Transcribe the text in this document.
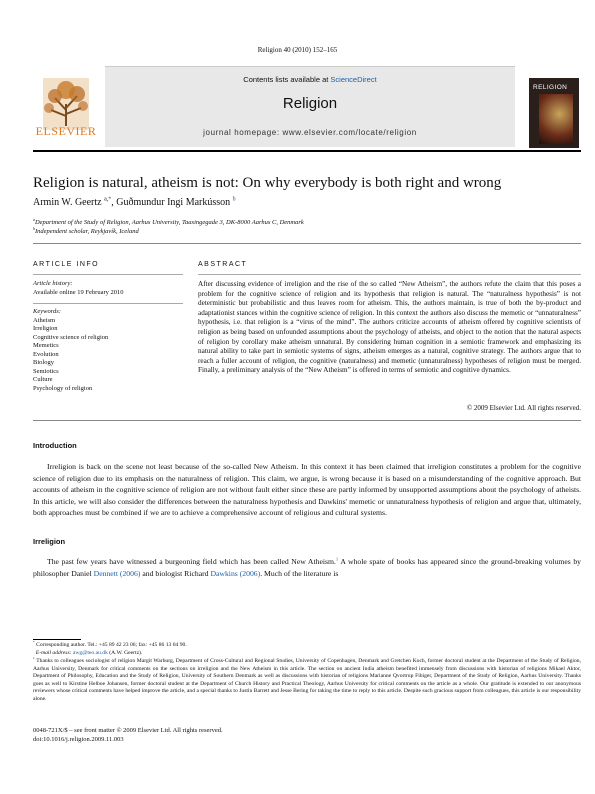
Religion 40 (2010) 152–165
ELSEVIER
Contents lists available at ScienceDirect
Religion
journal homepage: www.elsevier.com/locate/religion
RELIGION
Religion is natural, atheism is not: On why everybody is both right and wrong
Armin W. Geertz $^{a,*}$, Guðmundur Ingi Markússon $^b$
$^a$Department of the Study of Religion, Aarhus University, Taasingegade 3, DK-8000 Aarhus C, Denmark
$^b$Independent scholar, Reykjavík, Iceland
ARTICLE INFO
Article history:
Available online 19 February 2010
Keywords:
Atheism
Irreligion
Cognitive science of religion
Memetics
Evolution
Biology
Semiotics
Culture
Psychology of religion
ABSTRACT
After discussing evidence of irreligion and the rise of the so called “New Atheism”, the authors refute the claim that this poses a problem for the cognitive science of religion and its hypothesis that religion is natural. The “naturalness hypothesis” is not deterministic but probabilistic and thus leaves room for atheism. This, the authors maintain, is true of both the by-product and adaptationist stances within the cognitive science of religion. In this context the authors also discuss the memetic or “unnaturalness” hypothesis, i.e. that religion is a “virus of the mind”. The authors criticize accounts of atheism offered by cognitive scientists of religion as being based on unfounded assumptions about the psychology of atheists, and object to the notion that the natural aspects of religion by corollary make atheism unnatural. By considering human cognition in a semiotic framework and emphasizing its natural ability to take part in semiotic systems of signs, atheism emerges as a natural, cognitive strategy. The authors argue that to reach a fuller account of religion, the cognitive (naturalness) and memetic (unnaturalness) hypotheses of religion must be merged. Finally, a preliminary analysis of the “New Atheism” is offered in terms of semiotic and cognitive dynamics.
© 2009 Elsevier Ltd. All rights reserved.
Introduction
Irreligion is back on the scene not least because of the so-called New Atheism. In this context it has been claimed that irreligion constitutes a problem for the cognitive science of religion due to its emphasis on the naturalness of religion. This claim, we argue, is wrong because it is based on a misunderstanding of the cognitive approach. But accounts of atheism in the cognitive science of religion are not without fault either since these are partly informed by unsupported assumptions about the psychology of atheists. In this article, we will also consider the differences between the naturalness hypothesis and Dawkins' memetic or unnaturalness hypothesis of religion and argue that, ultimately, both approaches must be combined if we are to achieve a comprehensive account of religious and cultural systems.
Irreligion
The past few years have witnessed a burgeoning field which has been called New Atheism.$^1$ A whole spate of books has appeared since the ground-breaking volumes by philosopher Daniel Dennett (2006) and biologist Richard Dawkins (2006). Much of the literature is
* Corresponding author. Tel.: +45 89 42 23 06; fax: +45 86 13 04 90.
E-mail address: awg@teo.au.dk (A.W. Geertz).
$^1$ Thanks to colleagues sociologist of religion Margit Warburg, Department of Cross-Cultural and Regional Studies, University of Copenhagen, Denmark and Gretchen Koch, former doctoral student at the Department of the Study of Religion, Aarhus University, Denmark for critical comments on the sections on irreligion and the New Atheism in this article. The section on ancient India atheism benefited immensely from discussions with historian of religions Mikael Aktor, Department of Philosophy, Education and the Study of Religion, University of Southern Denmark as well as discussions with historian of religions Marianne Qvortrup Fibiger, Department of the Study of Religion, Aarhus University. Thanks goes as well to Kirstine Helboe Johansen, former doctoral student at the Department of Church History and Practical Theology, Aarhus University for critical comments on the article as a whole. Our gratitude is extended to our anonymous reviewers whose critical comments have helped improve the article, and a special thanks to Justin Barrett and Jesse Bering for taking the time to reply to this article. Despite such gracious support from colleagues, this article is our responsibility alone.
0048-721X/$ – see front matter © 2009 Elsevier Ltd. All rights reserved.
doi:10.1016/j.religion.2009.11.003
